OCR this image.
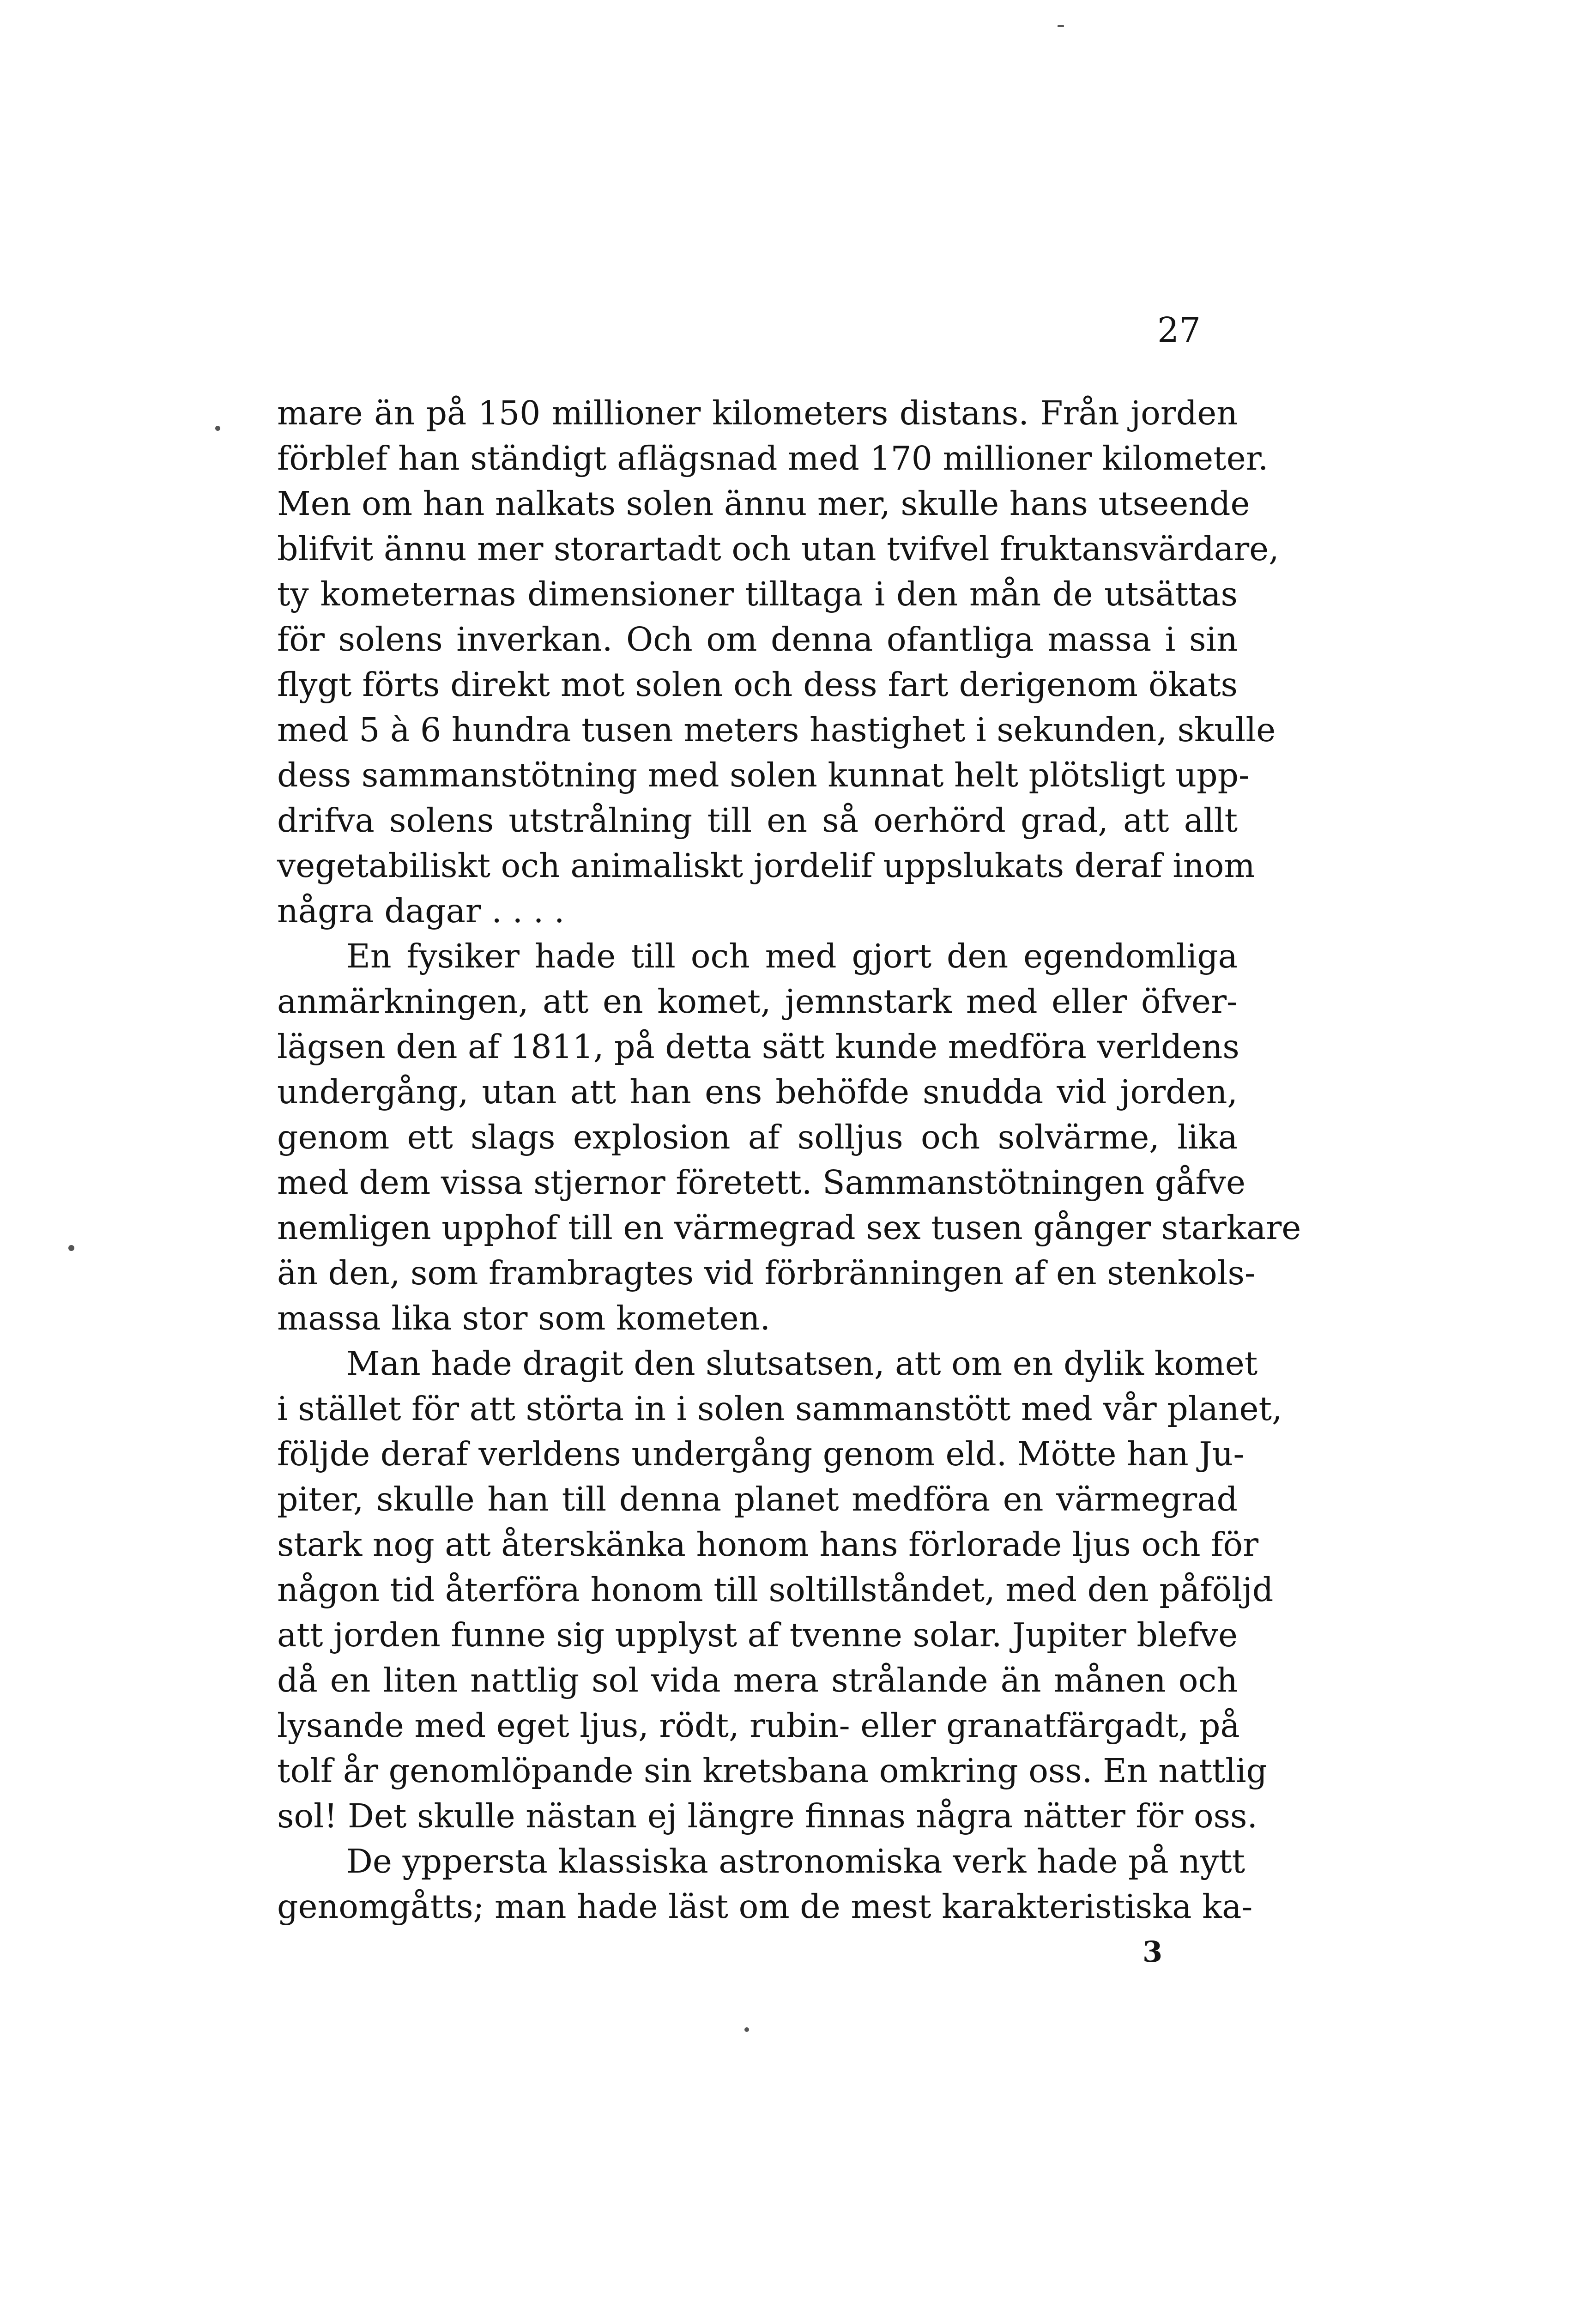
27
mare än på 150 millioner kilometers distans. Från jorden
förblef han ständigt aflägsnad med 170 millioner kilometer.
Men om han nalkats solen ännu mer, skulle hans utseende
blifvit ännu mer storartadt och utan tvifvel fruktansvärdare,
ty kometernas dimensioner tilltaga i den mån de utsättas
för solens inverkan. Och om denna ofantliga massa i sin
flygt förts direkt mot solen och dess fart derigenom ökats
med 5 à 6 hundra tusen meters hastighet i sekunden, skulle
dess sammanstötning med solen kunnat helt plötsligt upp-
drifva solens utstrålning till en så oerhörd grad, att allt
vegetabiliskt och animaliskt jordelif uppslukats deraf inom
några dagar . . . .
En fysiker hade till och med gjort den egendomliga
anmärkningen, att en komet, jemnstark med eller öfver-
lägsen den af 1811, på detta sätt kunde medföra verldens
undergång, utan att han ens behöfde snudda vid jorden,
genom ett slags explosion af solljus och solvärme, lika
med dem vissa stjernor företett. Sammanstötningen gåfve
nemligen upphof till en värmegrad sex tusen gånger starkare
än den, som frambragtes vid förbränningen af en stenkols-
massa lika stor som kometen.
Man hade dragit den slutsatsen, att om en dylik komet
i stället för att störta in i solen sammanstött med vår planet,
följde deraf verldens undergång genom eld. Mötte han Ju-
piter, skulle han till denna planet medföra en värmegrad
stark nog att återskänka honom hans förlorade ljus och för
någon tid återföra honom till soltillståndet, med den påföljd
att jorden funne sig upplyst af tvenne solar. Jupiter blefve
då en liten nattlig sol vida mera strålande än månen och
lysande med eget ljus, rödt, rubin- eller granatfärgadt, på
tolf år genomlöpande sin kretsbana omkring oss. En nattlig
sol! Det skulle nästan ej längre finnas några nätter för oss.
De yppersta klassiska astronomiska verk hade på nytt
genomgåtts; man hade läst om de mest karakteristiska ka-
3
